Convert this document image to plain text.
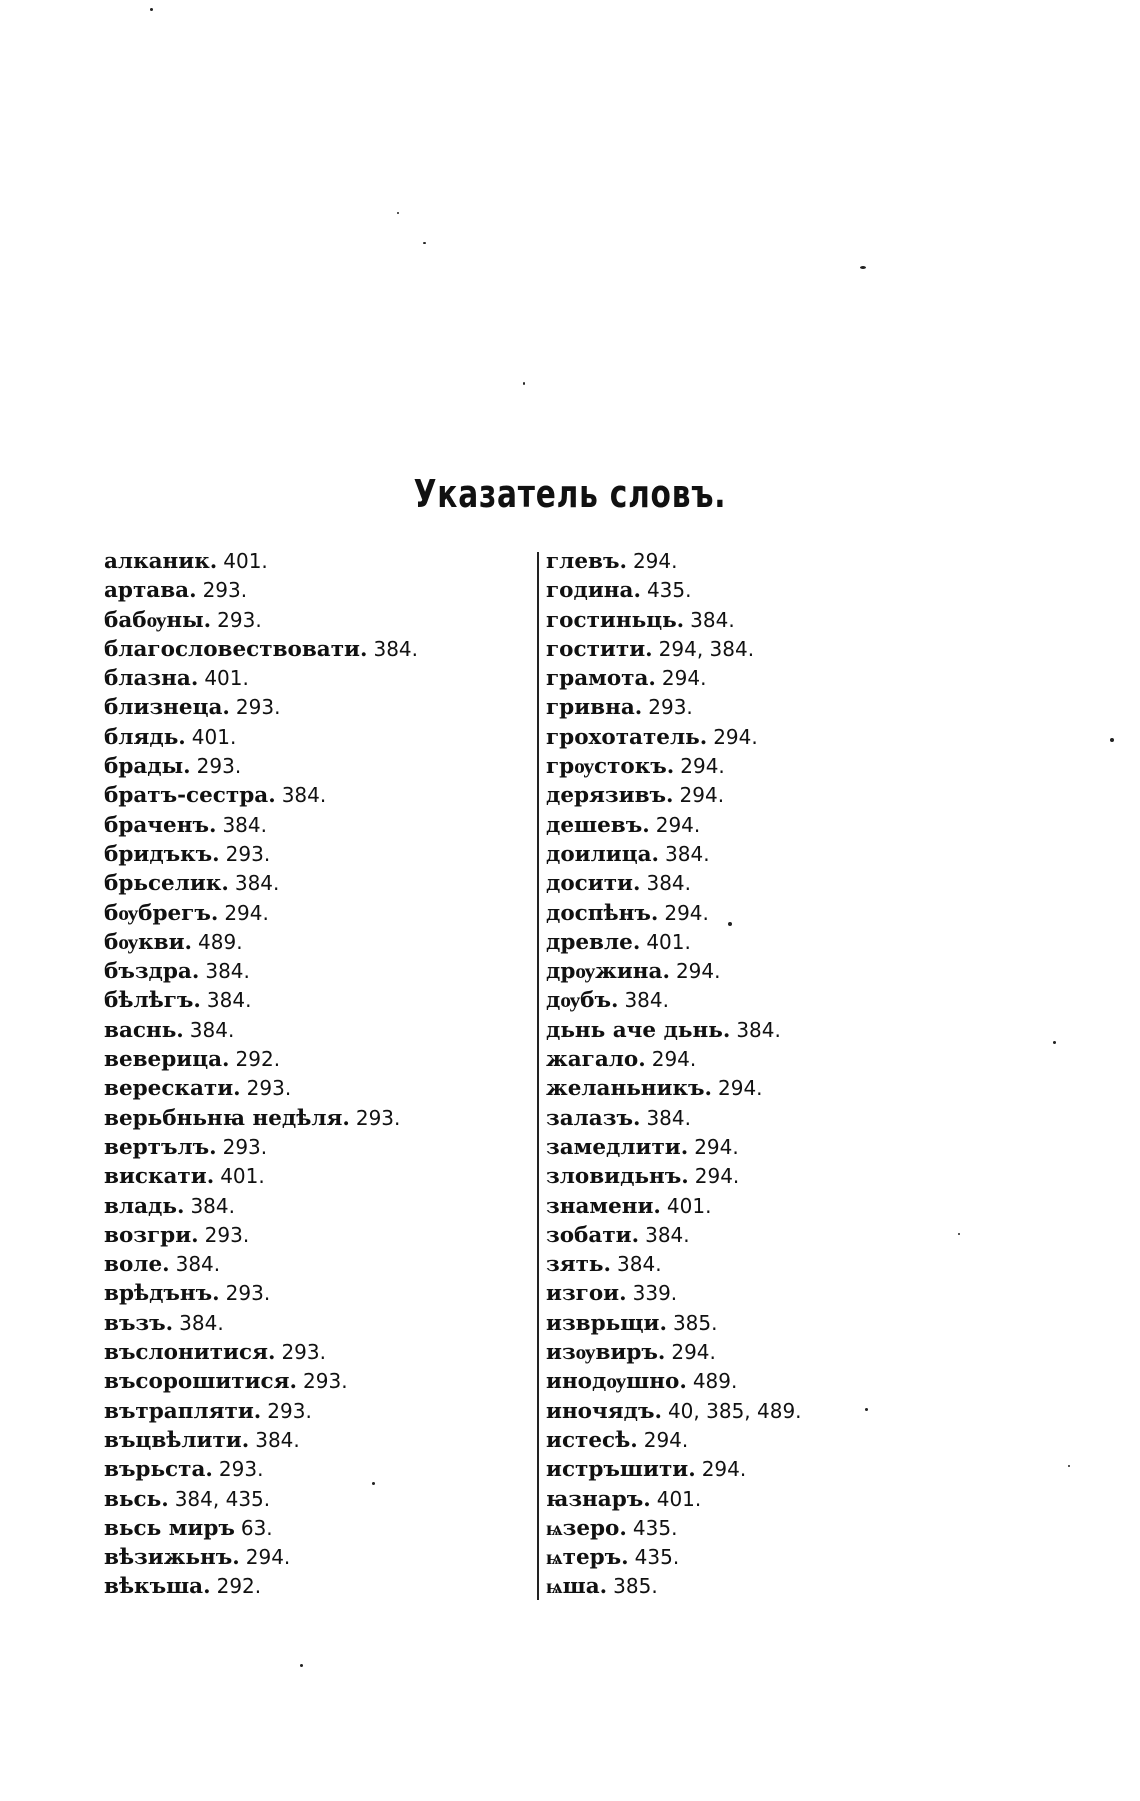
Указатель словъ.
алканик. 401.
артава. 293.
бабѹны. 293.
благословествовати. 384.
блазна. 401.
близнеца. 293.
блядь. 401.
брады. 293.
братъ-сестра. 384.
браченъ. 384.
бридъкъ. 293.
брьселик. 384.
бѹбрегъ. 294.
бѹкви. 489.
бъздра. 384.
бѣлѣгъ. 384.
васнь. 384.
веверица. 292.
верескати. 293.
верьбньнꙗ недѣля. 293.
вертълъ. 293.
вискати. 401.
владь. 384.
возгри. 293.
воле. 384.
врѣдънъ. 293.
възъ. 384.
въслонитися. 293.
въсорошитися. 293.
вътрапляти. 293.
въцвѣлити. 384.
върьста. 293.
вьсь. 384, 435.
вьсь миръ 63.
вѣзижьнъ. 294.
вѣкъша. 292.
глевъ. 294.
година. 435.
гостиньць. 384.
гостити. 294, 384.
грамота. 294.
гривна. 293.
грохотатель. 294.
грѹстокъ. 294.
дерязивъ. 294.
дешевъ. 294.
доилица. 384.
досити. 384.
доспѣнъ. 294.
древле. 401.
дрѹжина. 294.
дѹбъ. 384.
дьнь аче дьнь. 384.
жагало. 294.
желаньникъ. 294.
залазъ. 384.
замедлити. 294.
зловидьнъ. 294.
знамени. 401.
зобати. 384.
зять. 384.
изгои. 339.
изврьщи. 385.
изѹвиръ. 294.
инодѹшно. 489.
иночядъ. 40, 385, 489.
истесѣ. 294.
истръшити. 294.
ꙗзнаръ. 401.
ѩзеро. 435.
ѩтеръ. 435.
ѩша. 385.
